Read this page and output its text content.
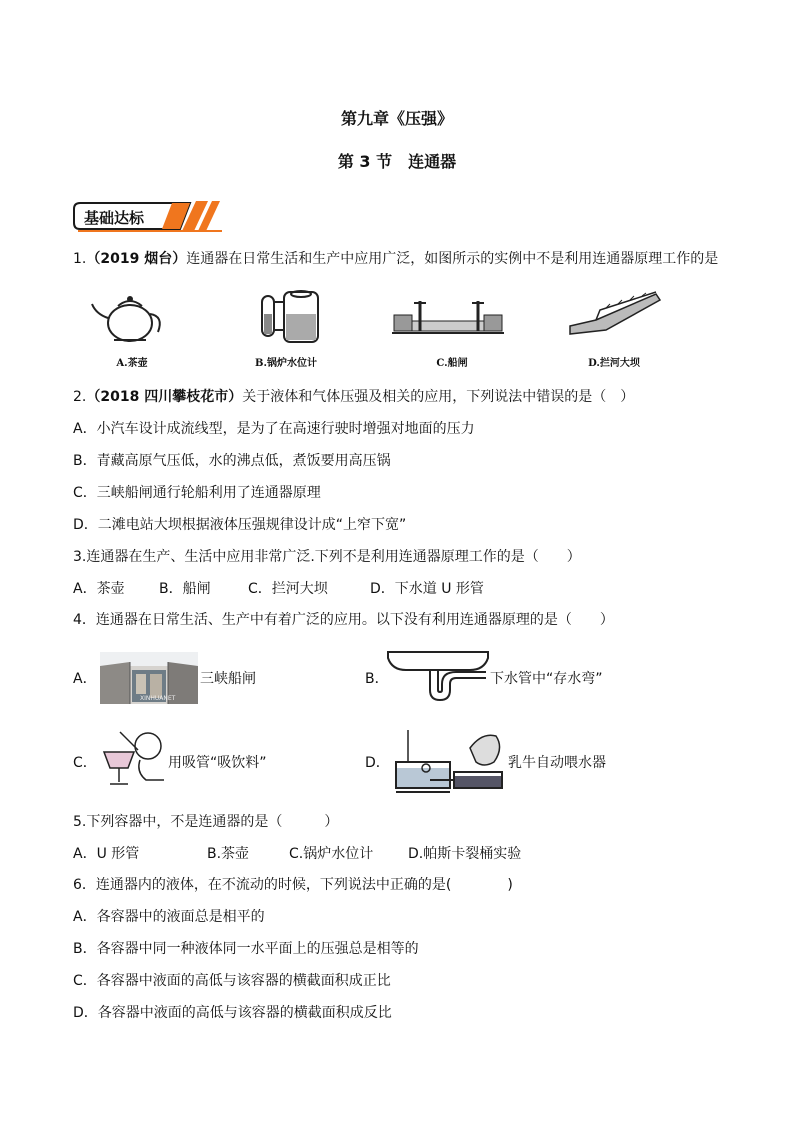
第九章《压强》
第 3 节　连通器
基础达标
1.（2019 烟台）连通器在日常生活和生产中应用广泛，如图所示的实例中不是利用连通器原理工作的是
A.茶壶	B.锅炉水位计	C.船闸	D.拦河大坝
2.（2018 四川攀枝花市）关于液体和气体压强及相关的应用，下列说法中错误的是（　）
A．小汽车设计成流线型，是为了在高速行驶时增强对地面的压力
B．青藏高原气压低，水的沸点低，煮饭要用高压锅
C．三峡船闸通行轮船利用了连通器原理
D．二滩电站大坝根据液体压强规律设计成“上窄下宽”
3.连通器在生产、生活中应用非常广泛.下列不是利用连通器原理工作的是（　　）
A．茶壶 B．船闸	C．拦河大坝	D．下水道 U 形管
4．连通器在日常生活、生产中有着广泛的应用。以下没有利用连通器原理的是（　　）
A．
XINHUANET
三峡船闸	B．	下水管中“存水弯”
C．	用吸管“吸饮料”	D．	乳牛自动喂水器
5.下列容器中，不是连通器的是（　　　）
A．U 形管	B.茶壶	C.锅炉水位计 D.帕斯卡裂桶实验
6．连通器内的液体，在不流动的时候，下列说法中正确的是(　　　　)
A．各容器中的液面总是相平的
B．各容器中同一种液体同一水平面上的压强总是相等的
C．各容器中液面的高低与该容器的横截面积成正比
D．各容器中液面的高低与该容器的横截面积成反比
